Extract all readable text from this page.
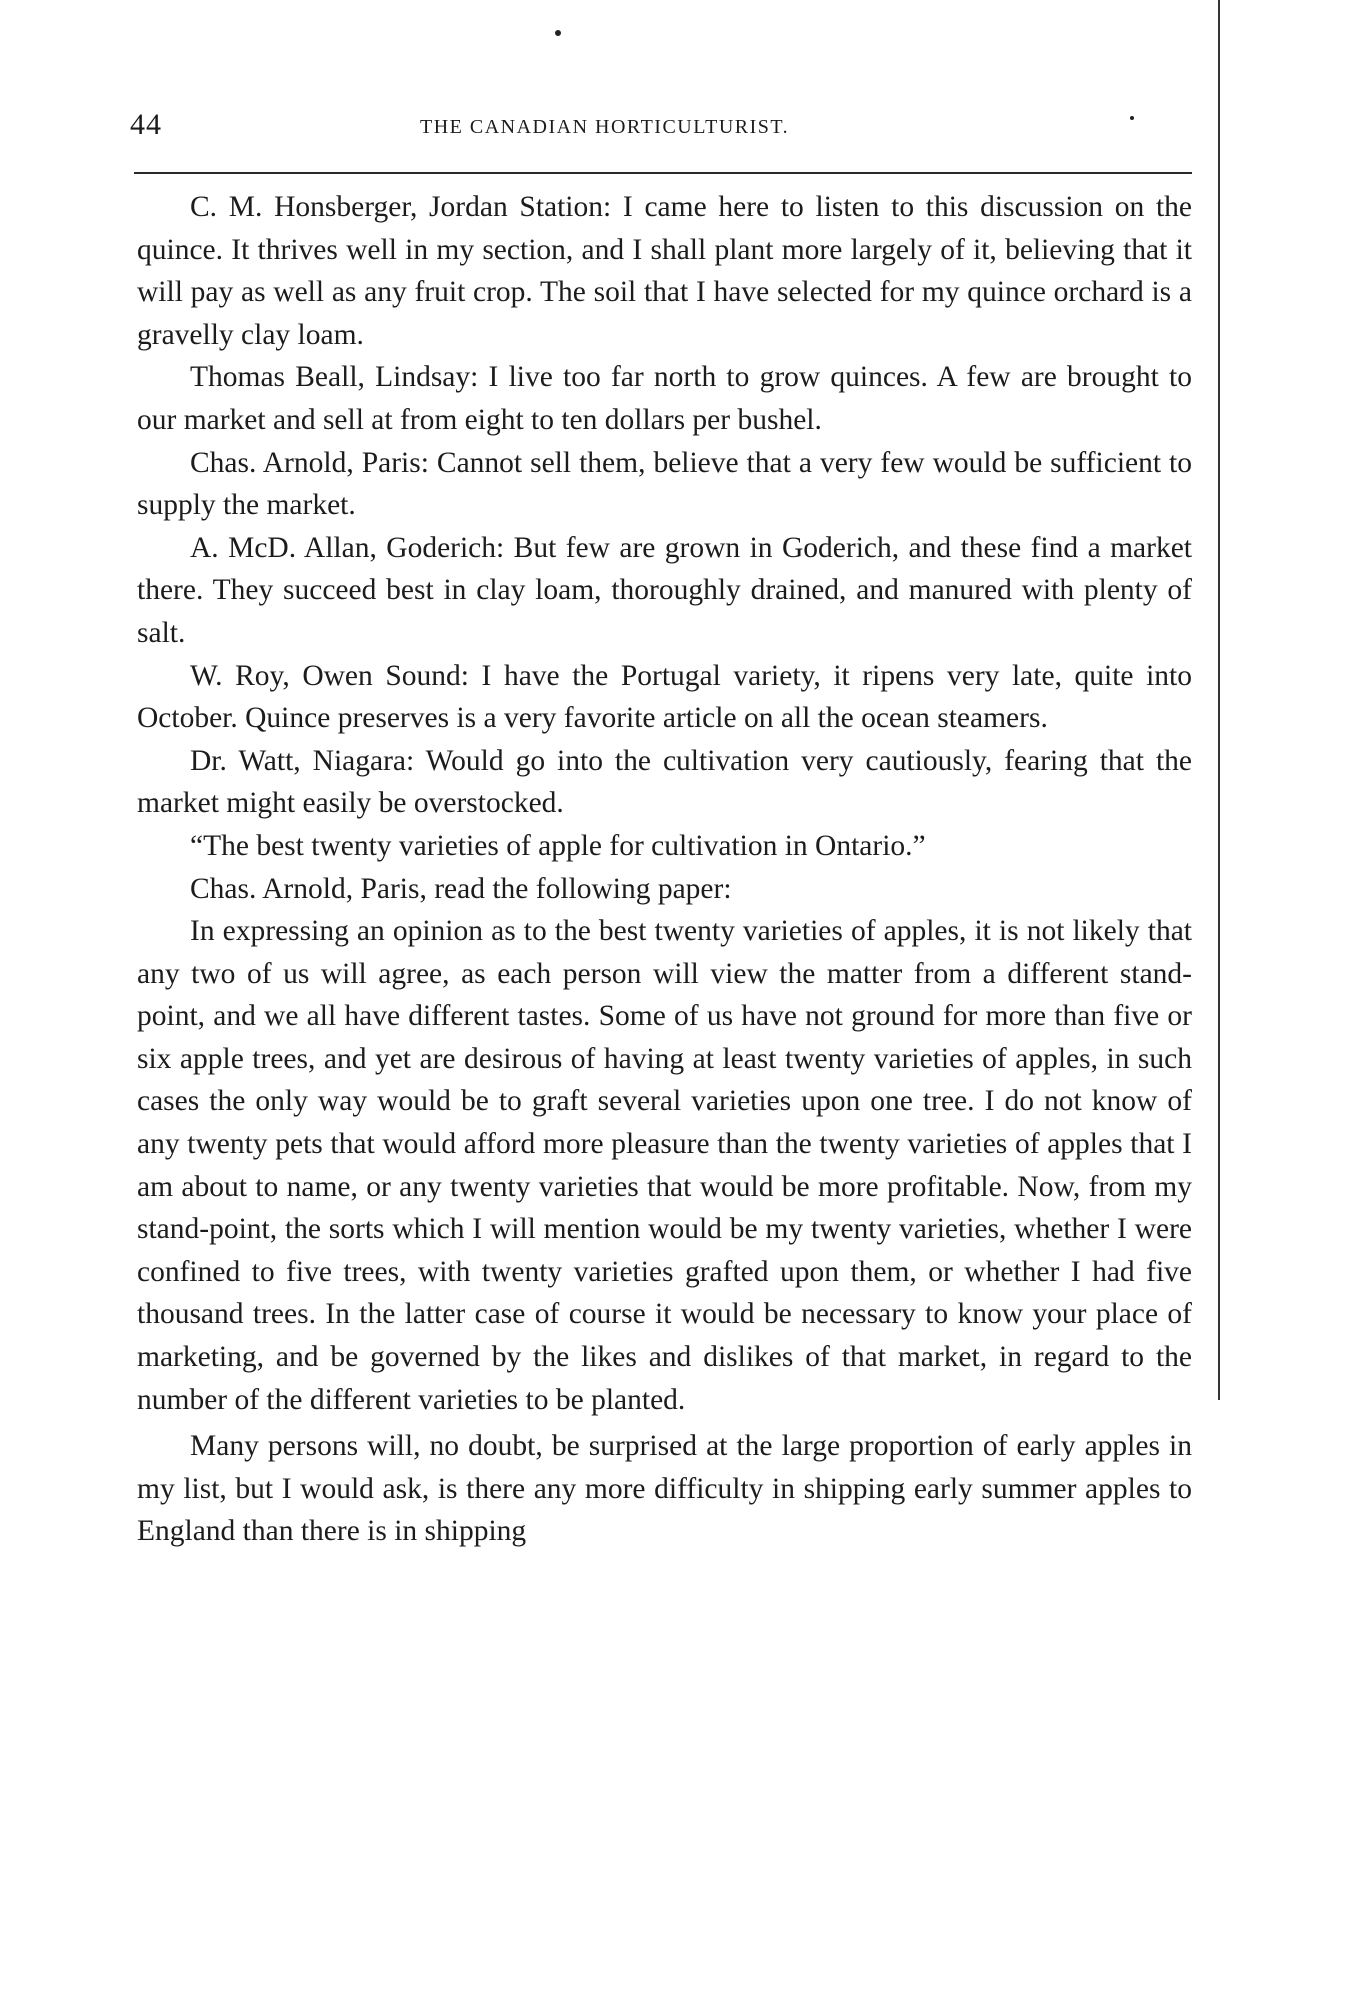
44	THE CANADIAN HORTICULTURIST.

C. M. Honsberger, Jordan Station: I came here to listen to this discussion on the quince. It thrives well in my section, and I shall plant more largely of it, believing that it will pay as well as any fruit crop. The soil that I have selected for my quince orchard is a gravelly clay loam.

Thomas Beall, Lindsay: I live too far north to grow quinces. A few are brought to our market and sell at from eight to ten dollars per bushel.

Chas. Arnold, Paris: Cannot sell them, believe that a very few would be sufficient to supply the market.

A. McD. Allan, Goderich: But few are grown in Goderich, and these find a market there. They succeed best in clay loam, thoroughly drained, and manured with plenty of salt.

W. Roy, Owen Sound: I have the Portugal variety, it ripens very late, quite into October. Quince preserves is a very favorite article on all the ocean steamers.

Dr. Watt, Niagara: Would go into the cultivation very cautiously, fearing that the market might easily be overstocked.

“The best twenty varieties of apple for cultivation in Ontario.”

Chas. Arnold, Paris, read the following paper:

In expressing an opinion as to the best twenty varieties of apples, it is not likely that any two of us will agree, as each person will view the matter from a different stand-point, and we all have different tastes. Some of us have not ground for more than five or six apple trees, and yet are desirous of having at least twenty varieties of apples, in such cases the only way would be to graft several varieties upon one tree. I do not know of any twenty pets that would afford more pleasure than the twenty varieties of apples that I am about to name, or any twenty varieties that would be more profitable. Now, from my stand-point, the sorts which I will mention would be my twenty varieties, whether I were confined to five trees, with twenty varieties grafted upon them, or whether I had five thousand trees. In the latter case of course it would be necessary to know your place of marketing, and be governed by the likes and dislikes of that market, in regard to the number of the different varieties to be planted.

Many persons will, no doubt, be surprised at the large proportion of early apples in my list, but I would ask, is there any more difficulty in shipping early summer apples to England than there is in shipping
